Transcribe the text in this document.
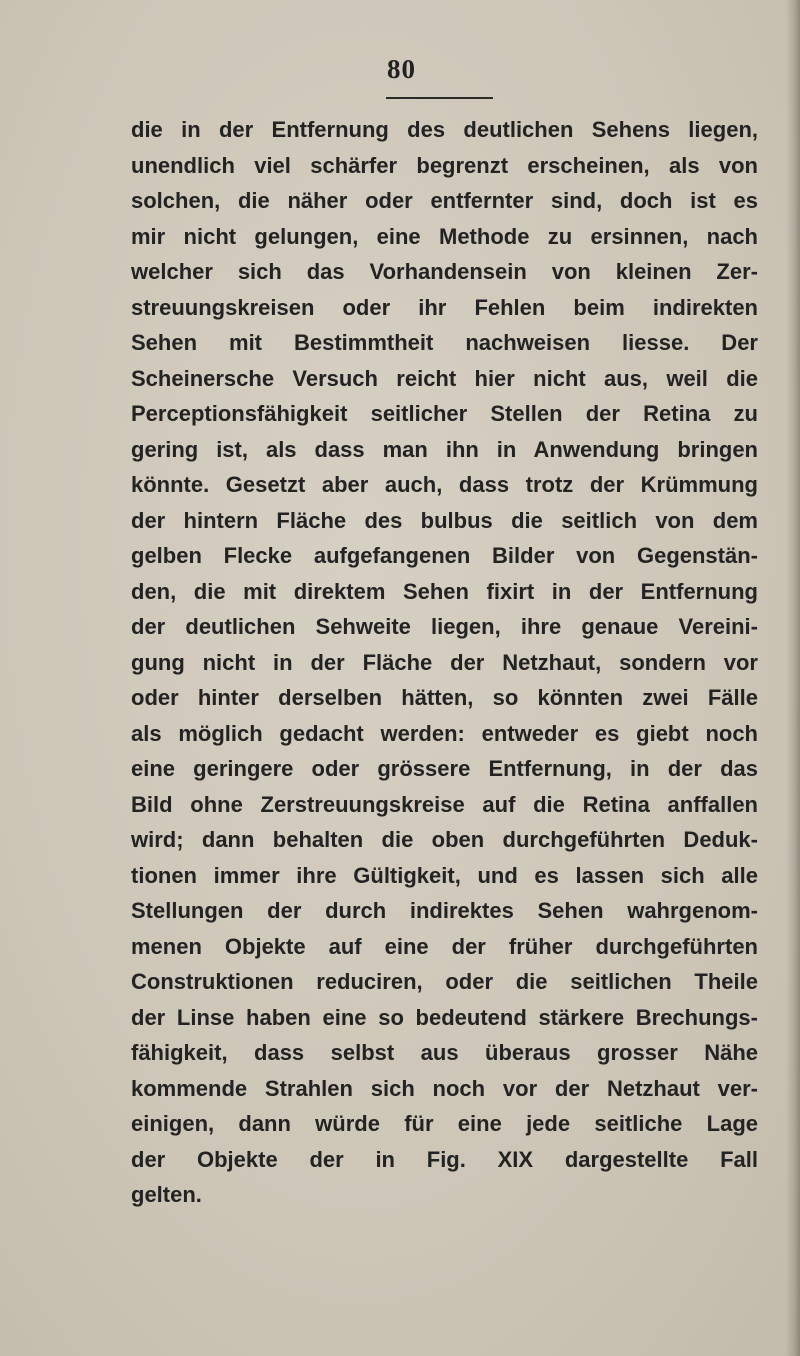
80
die in der Entfernung des deutlichen Sehens liegen,
unendlich viel schärfer begrenzt erscheinen, als von
solchen, die näher oder entfernter sind, doch ist es
mir nicht gelungen, eine Methode zu ersinnen, nach
welcher sich das Vorhandensein von kleinen Zer-
streuungskreisen oder ihr Fehlen beim indirekten
Sehen mit Bestimmtheit nachweisen liesse. Der
Scheinersche Versuch reicht hier nicht aus, weil die
Perceptionsfähigkeit seitlicher Stellen der Retina zu
gering ist, als dass man ihn in Anwendung bringen
könnte. Gesetzt aber auch, dass trotz der Krümmung
der hintern Fläche des bulbus die seitlich von dem
gelben Flecke aufgefangenen Bilder von Gegenstän-
den, die mit direktem Sehen fixirt in der Entfernung
der deutlichen Sehweite liegen, ihre genaue Vereini-
gung nicht in der Fläche der Netzhaut, sondern vor
oder hinter derselben hätten, so könnten zwei Fälle
als möglich gedacht werden: entweder es giebt noch
eine geringere oder grössere Entfernung, in der das
Bild ohne Zerstreuungskreise auf die Retina anffallen
wird; dann behalten die oben durchgeführten Deduk-
tionen immer ihre Gültigkeit, und es lassen sich alle
Stellungen der durch indirektes Sehen wahrgenom-
menen Objekte auf eine der früher durchgeführten
Construktionen reduciren, oder die seitlichen Theile
der Linse haben eine so bedeutend stärkere Brechungs-
fähigkeit, dass selbst aus überaus grosser Nähe
kommende Strahlen sich noch vor der Netzhaut ver-
einigen, dann würde für eine jede seitliche Lage
der Objekte der in Fig. XIX dargestellte Fall
gelten.
